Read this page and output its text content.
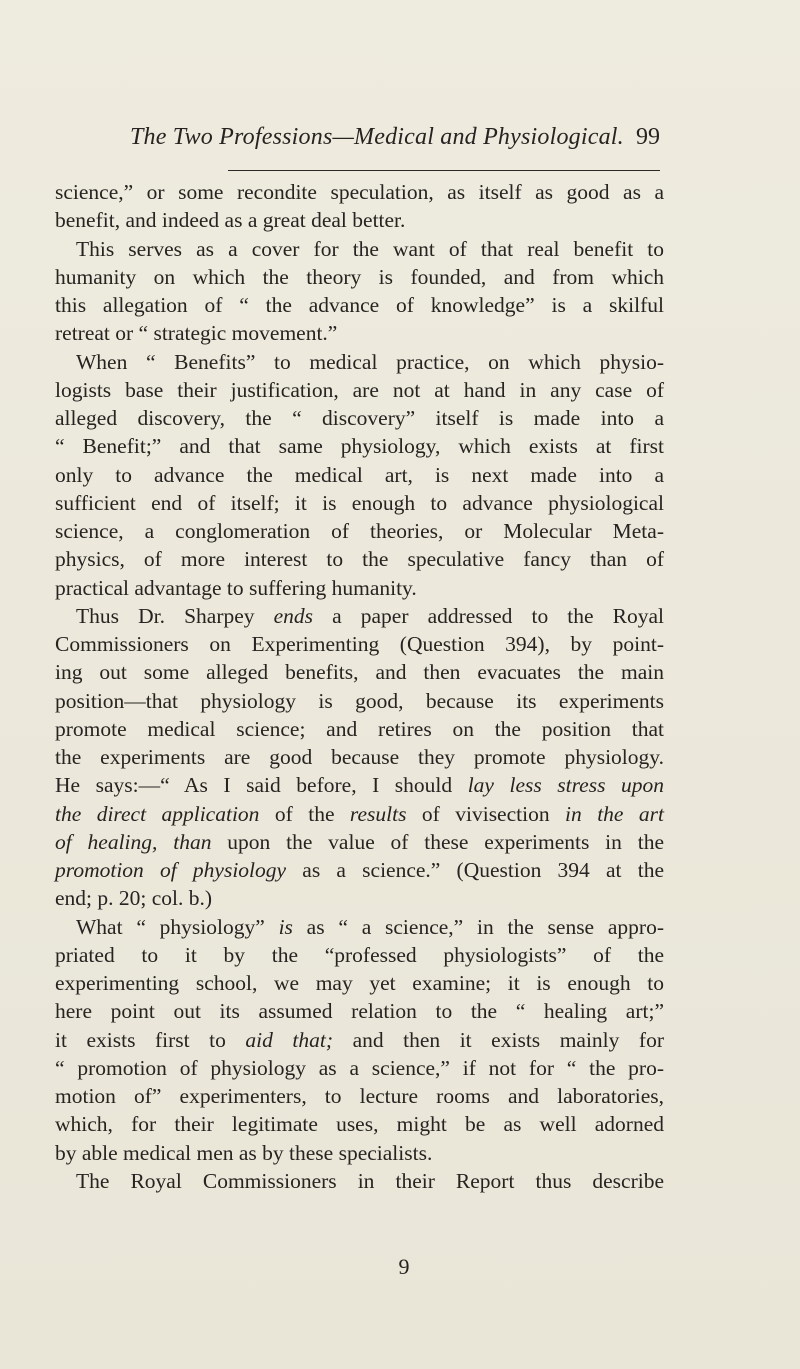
The Two Professions—Medical and Physiological. 99
science,” or some recondite speculation, as itself as good as a
benefit, and indeed as a great deal better.
This serves as a cover for the want of that real benefit to
humanity on which the theory is founded, and from which
this allegation of “ the advance of knowledge” is a skilful
retreat or “ strategic movement.”
When “ Benefits” to medical practice, on which physio-
logists base their justification, are not at hand in any case of
alleged discovery, the “ discovery” itself is made into a
“ Benefit;” and that same physiology, which exists at first
only to advance the medical art, is next made into a
sufficient end of itself; it is enough to advance physiological
science, a conglomeration of theories, or Molecular Meta-
physics, of more interest to the speculative fancy than of
practical advantage to suffering humanity.
Thus Dr. Sharpey ends a paper addressed to the Royal
Commissioners on Experimenting (Question 394), by point-
ing out some alleged benefits, and then evacuates the main
position—that physiology is good, because its experiments
promote medical science; and retires on the position that
the experiments are good because they promote physiology.
He says:—“ As I said before, I should lay less stress upon
the direct application of the results of vivisection in the art
of healing, than upon the value of these experiments in the
promotion of physiology as a science.” (Question 394 at the
end; p. 20; col. b.)
What “ physiology” is as “ a science,” in the sense appro-
priated to it by the “professed physiologists” of the
experimenting school, we may yet examine; it is enough to
here point out its assumed relation to the “ healing art;”
it exists first to aid that; and then it exists mainly for
“ promotion of physiology as a science,” if not for “ the pro-
motion of” experimenters, to lecture rooms and laboratories,
which, for their legitimate uses, might be as well adorned
by able medical men as by these specialists.
The Royal Commissioners in their Report thus describe
9
